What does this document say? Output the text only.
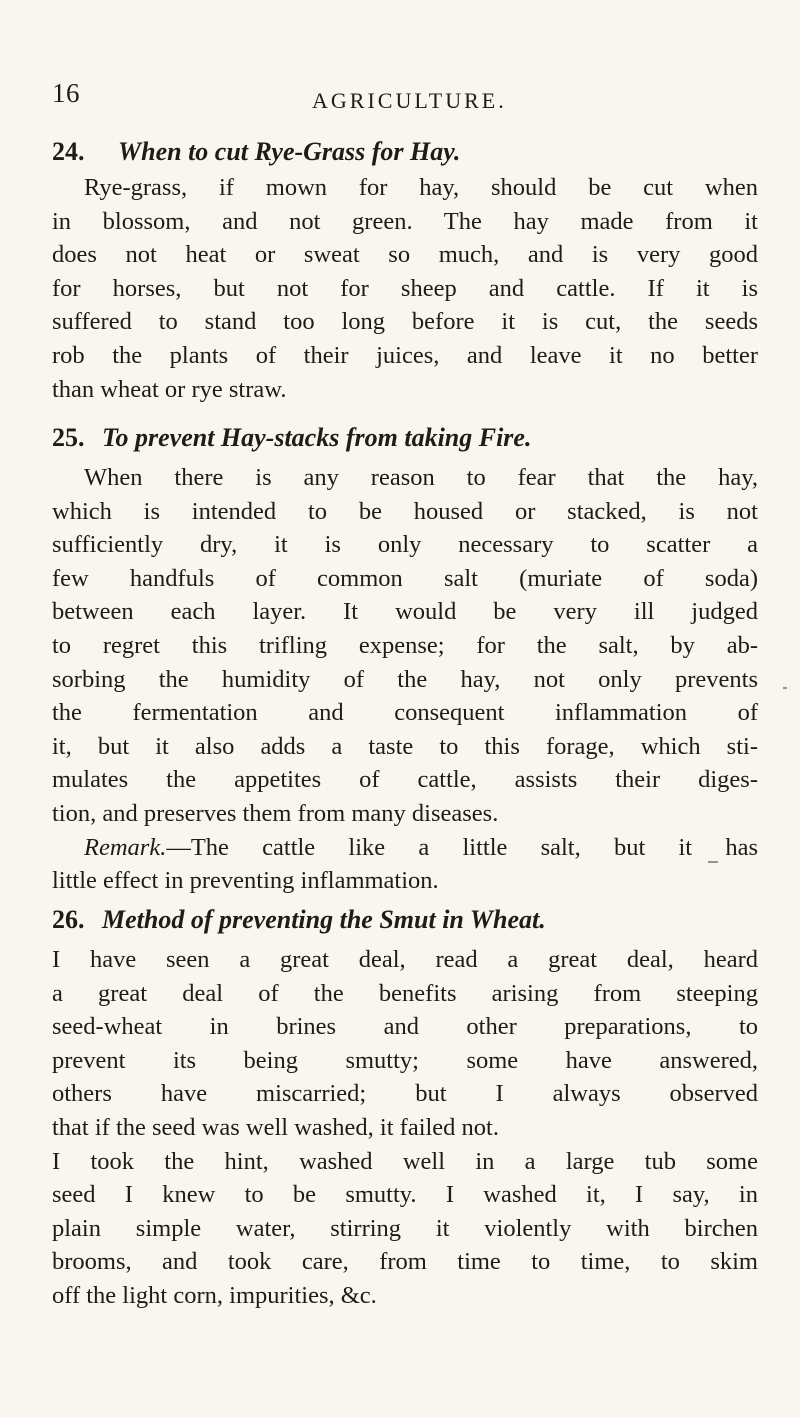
16	AGRICULTURE.
24. When to cut Rye-Grass for Hay.

Rye-grass, if mown for hay, should be cut when
in blossom, and not green. The hay made from it
does not heat or sweat so much, and is very good
for horses, but not for sheep and cattle. If it is
suffered to stand too long before it is cut, the seeds
rob the plants of their juices, and leave it no better
than wheat or rye straw.

25. To prevent Hay-stacks from taking Fire.

When there is any reason to fear that the hay,
which is intended to be housed or stacked, is not
sufficiently dry, it is only necessary to scatter a
few handfuls of common salt (muriate of soda)
between each layer. It would be very ill judged
to regret this trifling expense; for the salt, by ab-
sorbing the humidity of the hay, not only prevents
the fermentation and consequent inflammation of
it, but it also adds a taste to this forage, which sti-
mulates the appetites of cattle, assists their diges-
tion, and preserves them from many diseases.
Remark.—The cattle like a little salt, but it has
little effect in preventing inflammation.

26. Method of preventing the Smut in Wheat.

I have seen a great deal, read a great deal, heard
a great deal of the benefits arising from steeping
seed-wheat in brines and other preparations, to
prevent its being smutty; some have answered,
others have miscarried; but I always observed
that if the seed was well washed, it failed not.

I took the hint, washed well in a large tub some
seed I knew to be smutty. I washed it, I say, in
plain simple water, stirring it violently with birchen
brooms, and took care, from time to time, to skim
off the light corn, impurities, &c.
